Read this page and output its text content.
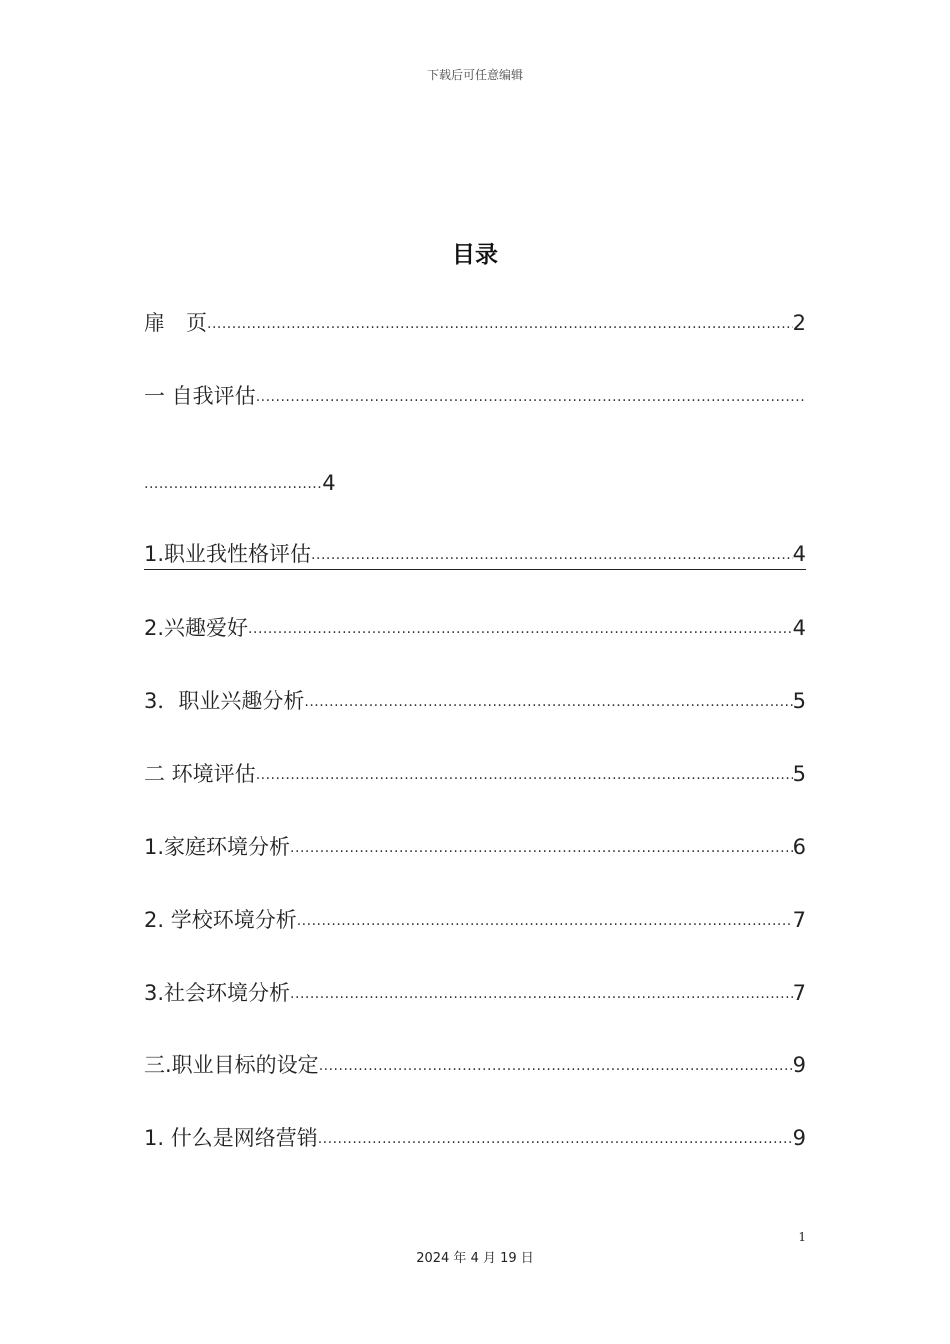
下载后可任意编辑
目录
扉　页 .....	2
一 自我评估
.....
.................................... 4
1.职业我性格评估 .....	4
2.兴趣爱好 .....	4
3．职业兴趣分析 .....	5
二 环境评估 .....	5
1.家庭环境分析 .....	6
2. 学校环境分析 .....	7
3.社会环境分析 .....	7
三.职业目标的设定 .....	9
1. 什么是网络营销 .....	9
1
2024 年 4 月 19 日
